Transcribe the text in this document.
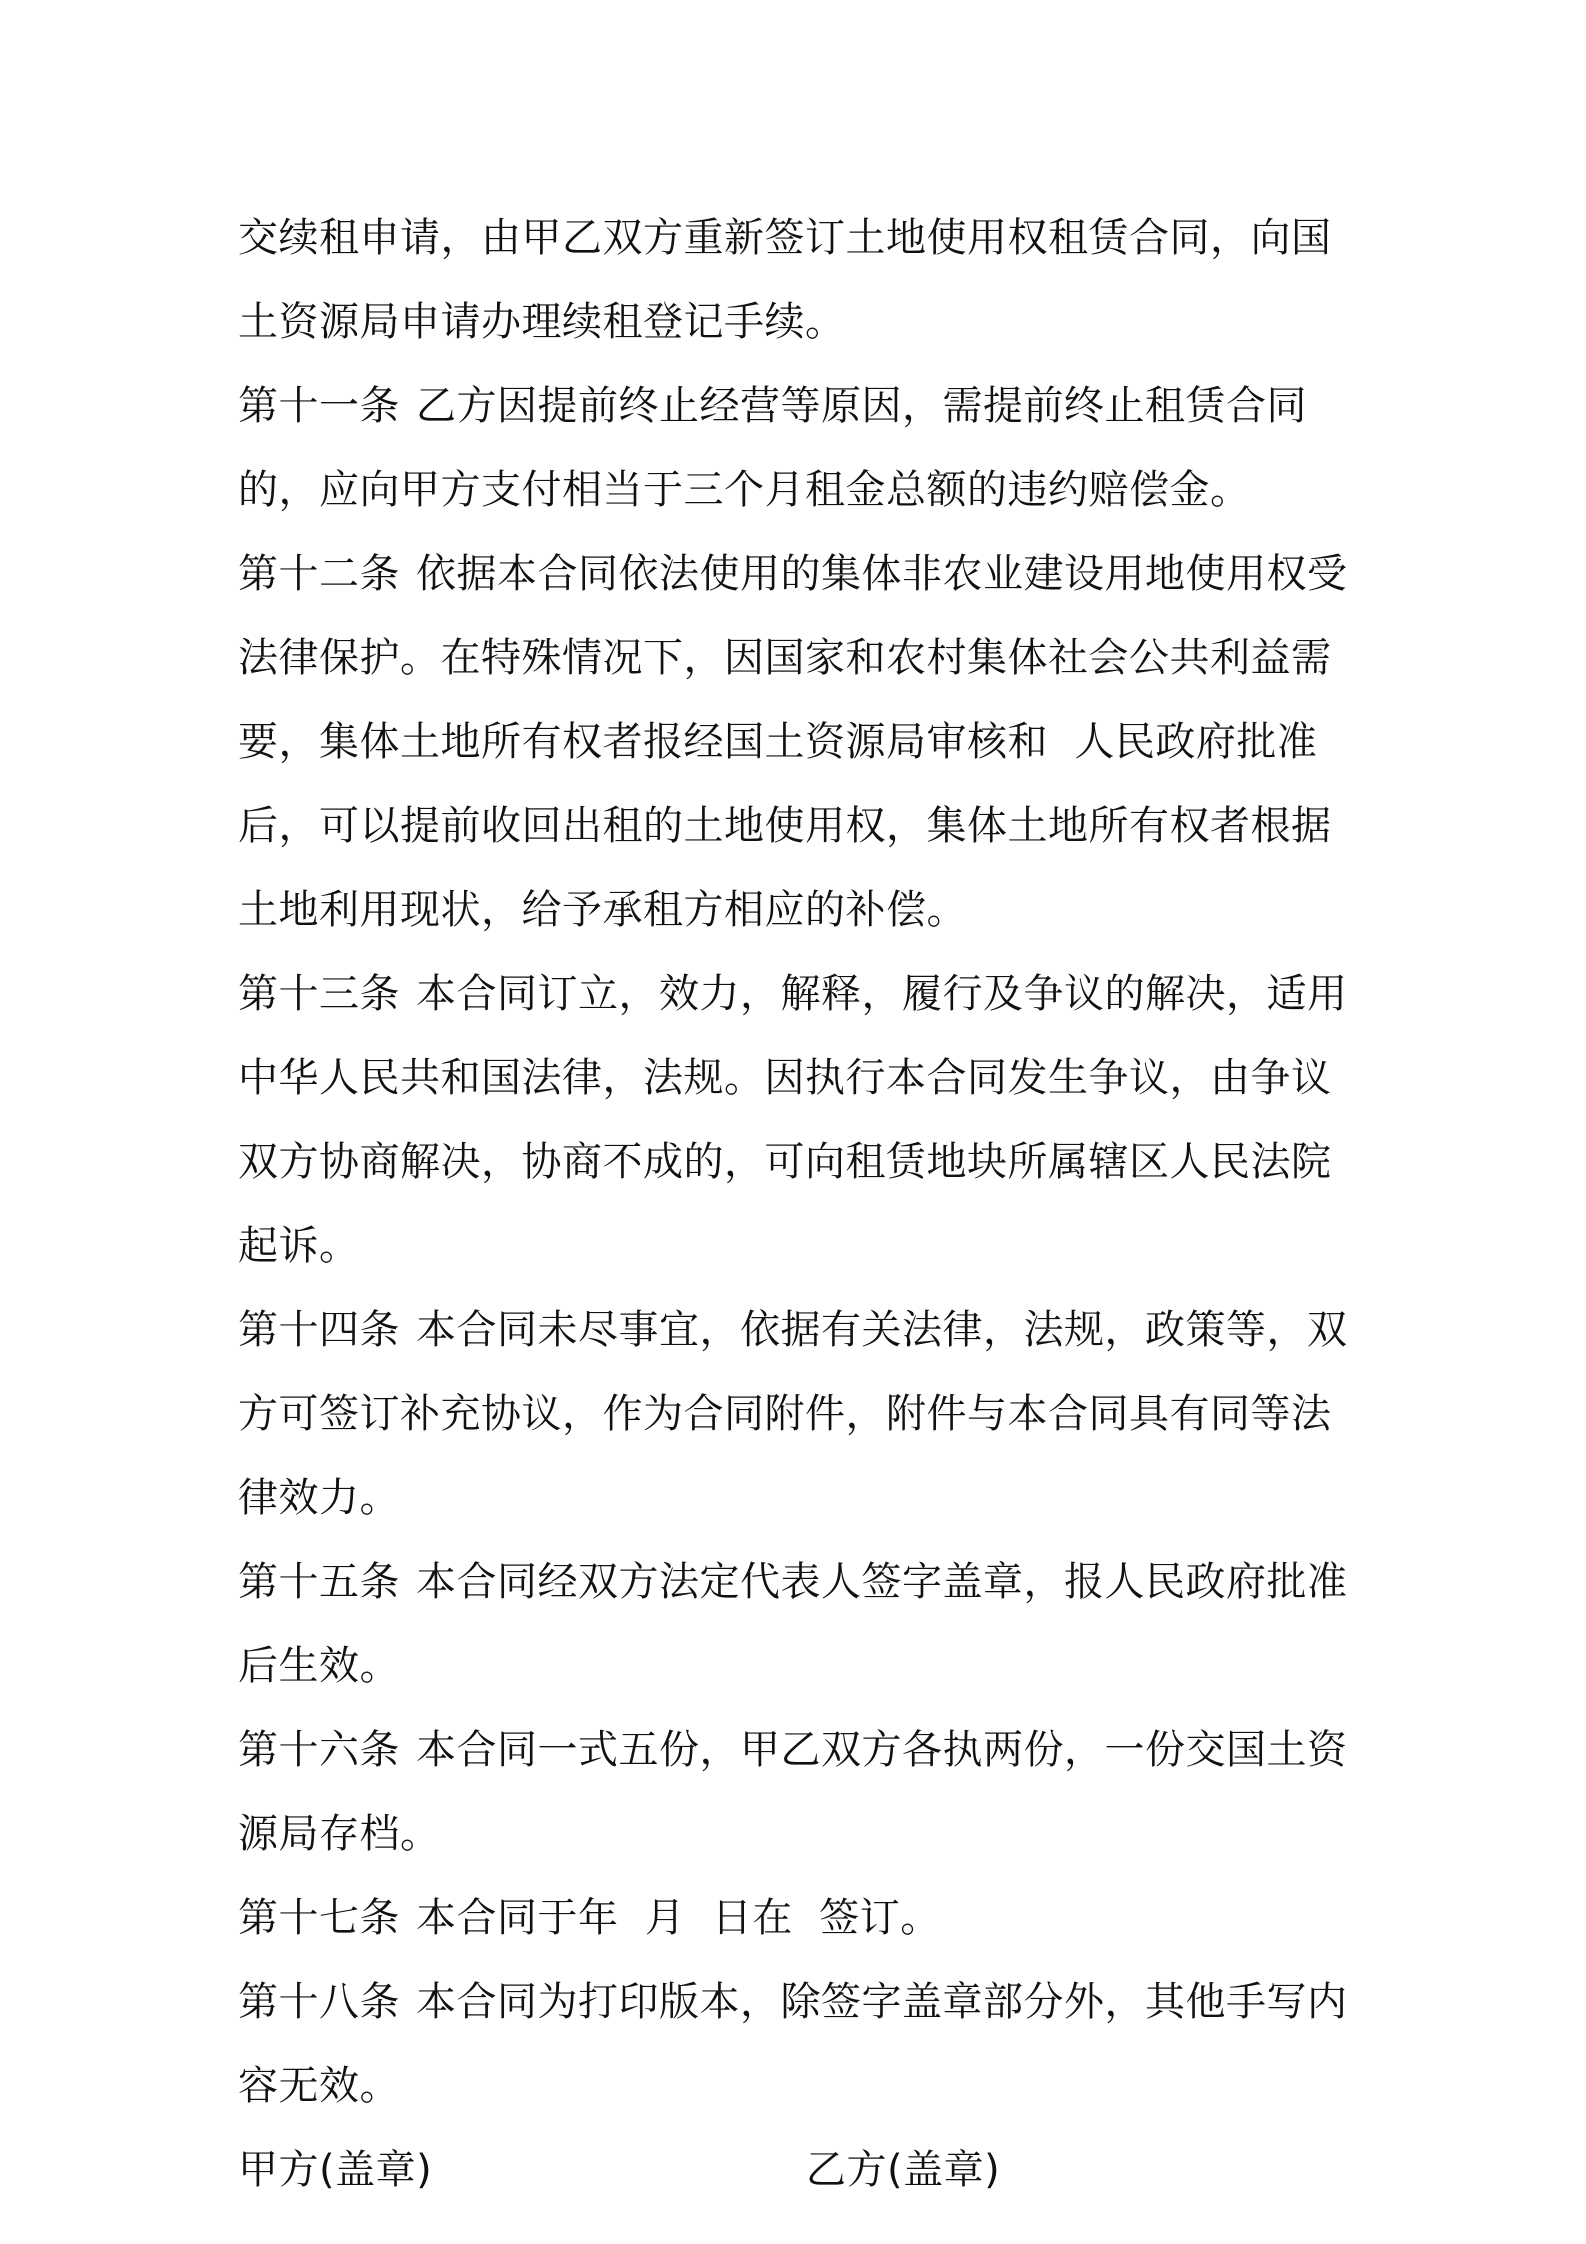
交续租申请，由甲乙双方重新签订土地使用权租赁合同，向国土资源局申请办理续租登记手续。

第十一条 乙方因提前终止经营等原因，需提前终止租赁合同的，应向甲方支付相当于三个月租金总额的违约赔偿金。

第十二条 依据本合同依法使用的集体非农业建设用地使用权受法律保护。在特殊情况下，因国家和农村集体社会公共利益需要，集体土地所有权者报经国土资源局审核和  人民政府批准后，可以提前收回出租的土地使用权，集体土地所有权者根据土地利用现状，给予承租方相应的补偿。

第十三条 本合同订立，效力，解释，履行及争议的解决，适用中华人民共和国法律，法规。因执行本合同发生争议，由争议双方协商解决，协商不成的，可向租赁地块所属辖区人民法院起诉。

第十四条 本合同未尽事宜，依据有关法律，法规，政策等，双方可签订补充协议，作为合同附件，附件与本合同具有同等法律效力。

第十五条 本合同经双方法定代表人签字盖章，报人民政府批准后生效。

第十六条 本合同一式五份，甲乙双方各执两份，一份交国土资源局存档。

第十七条 本合同于年  月  日在  签订。

第十八条 本合同为打印版本，除签字盖章部分外，其他手写内容无效。

甲方(盖章)	乙方(盖章)
